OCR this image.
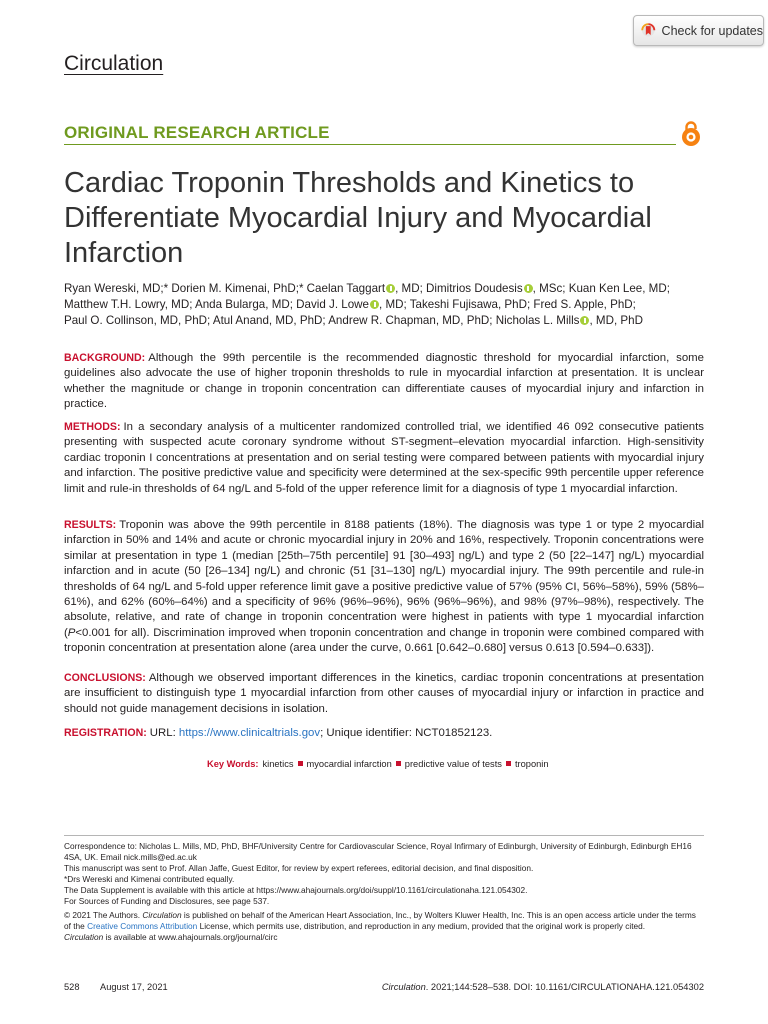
Check for updates
Circulation
ORIGINAL RESEARCH ARTICLE
Cardiac Troponin Thresholds and Kinetics to Differentiate Myocardial Injury and Myocardial Infarction
Ryan Wereski, MD;* Dorien M. Kimenai, PhD;* Caelan Taggart , MD; Dimitrios Doudesis , MSc; Kuan Ken Lee, MD;
Matthew T.H. Lowry, MD; Anda Bularga, MD; David J. Lowe , MD; Takeshi Fujisawa, PhD; Fred S. Apple, PhD;
Paul O. Collinson, MD, PhD; Atul Anand, MD, PhD; Andrew R. Chapman, MD, PhD; Nicholas L. Mills , MD, PhD

BACKGROUND: Although the 99th percentile is the recommended diagnostic threshold for myocardial infarction, some guidelines also advocate the use of higher troponin thresholds to rule in myocardial infarction at presentation. It is unclear whether the magnitude or change in troponin concentration can differentiate causes of myocardial injury and infarction in practice.

METHODS: In a secondary analysis of a multicenter randomized controlled trial, we identified 46 092 consecutive patients presenting with suspected acute coronary syndrome without ST-segment–elevation myocardial infarction. High-sensitivity cardiac troponin I concentrations at presentation and on serial testing were compared between patients with myocardial injury and infarction. The positive predictive value and specificity were determined at the sex-specific 99th percentile upper reference limit and rule-in thresholds of 64 ng/L and 5-fold of the upper reference limit for a diagnosis of type 1 myocardial infarction.

RESULTS: Troponin was above the 99th percentile in 8188 patients (18%). The diagnosis was type 1 or type 2 myocardial infarction in 50% and 14% and acute or chronic myocardial injury in 20% and 16%, respectively. Troponin concentrations were similar at presentation in type 1 (median [25th–75th percentile] 91 [30–493] ng/L) and type 2 (50 [22–147] ng/L) myocardial infarction and in acute (50 [26–134] ng/L) and chronic (51 [31–130] ng/L) myocardial injury. The 99th percentile and rule-in thresholds of 64 ng/L and 5-fold upper reference limit gave a positive predictive value of 57% (95% CI, 56%–58%), 59% (58%–61%), and 62% (60%–64%) and a specificity of 96% (96%–96%), 96% (96%–96%), and 98% (97%–98%), respectively. The absolute, relative, and rate of change in troponin concentration were highest in patients with type 1 myocardial infarction (P<0.001 for all). Discrimination improved when troponin concentration and change in troponin were combined compared with troponin concentration at presentation alone (area under the curve, 0.661 [0.642–0.680] versus 0.613 [0.594–0.633]).

CONCLUSIONS: Although we observed important differences in the kinetics, cardiac troponin concentrations at presentation are insufficient to distinguish type 1 myocardial infarction from other causes of myocardial injury or infarction in practice and should not guide management decisions in isolation.

REGISTRATION: URL: https://www.clinicaltrials.gov; Unique identifier: NCT01852123.

Key Words: kinetics myocardial infarction predictive value of tests troponin

Correspondence to: Nicholas L. Mills, MD, PhD, BHF/University Centre for Cardiovascular Science, Royal Infirmary of Edinburgh, University of Edinburgh, Edinburgh EH16 4SA, UK. Email nick.mills@ed.ac.uk

This manuscript was sent to Prof. Allan Jaffe, Guest Editor, for review by expert referees, editorial decision, and final disposition.

*Drs Wereski and Kimenai contributed equally.

The Data Supplement is available with this article at https://www.ahajournals.org/doi/suppl/10.1161/circulationaha.121.054302.

For Sources of Funding and Disclosures, see page 537.

© 2021 The Authors. Circulation is published on behalf of the American Heart Association, Inc., by Wolters Kluwer Health, Inc. This is an open access article under the terms of the Creative Commons Attribution License, which permits use, distribution, and reproduction in any medium, provided that the original work is properly cited.

Circulation is available at www.ahajournals.org/journal/circ

528 August 17, 2021	Circulation. 2021;144:528–538. DOI: 10.1161/CIRCULATIONAHA.121.054302
